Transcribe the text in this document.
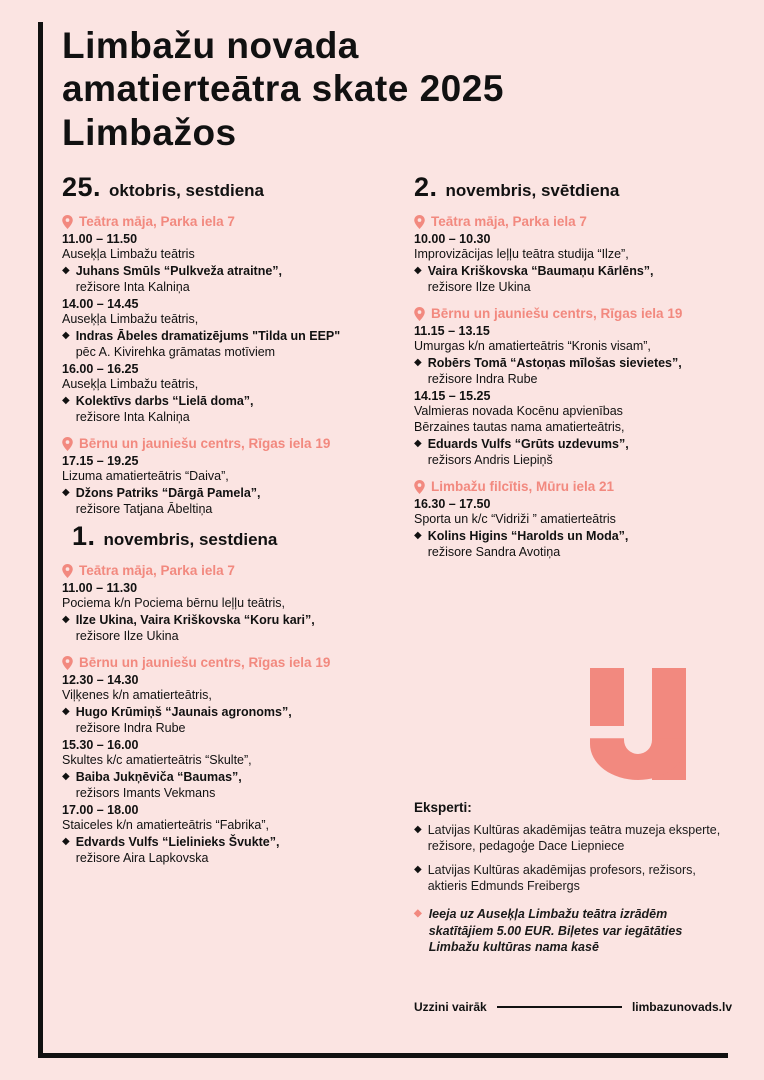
Limbažu novada
amatierteātra skate 2025
Limbažos
25. oktobris, sestdiena
Teātra māja, Parka iela 7
11.00 – 11.50
Auseķļa Limbažu teātris
◆ Juhans Smūls “Pulkveža atraitne”,
režisore Inta Kalniņa
14.00 – 14.45
Auseķļa Limbažu teātris,
◆ Indras Ābeles dramatizējums "Tilda un EEP"
pēc A. Kivirehka grāmatas motīviem
16.00 – 16.25
Auseķļa Limbažu teātris,
◆ Kolektīvs darbs “Lielā doma”,
režisore Inta Kalniņa
Bērnu un jauniešu centrs, Rīgas iela 19
17.15 – 19.25
Lizuma amatierteātris “Daiva”,
◆ Džons Patriks “Dārgā Pamela”,
režisore Tatjana Ābeltiņa
1. novembris, sestdiena
Teātra māja, Parka iela 7
11.00 – 11.30
Pociema k/n Pociema bērnu leļļu teātris,
◆ Ilze Ukina, Vaira Kriškovska “Koru kari”,
režisore Ilze Ukina
Bērnu un jauniešu centrs, Rīgas iela 19
12.30 – 14.30
Viļķenes k/n amatierteātris,
◆ Hugo Krūmiņš “Jaunais agronoms”,
režisore Indra Rube
15.30 – 16.00
Skultes k/c amatierteātris “Skulte”,
◆ Baiba Jukņēviča “Baumas”,
režisors Imants Vekmans
17.00 – 18.00
Staiceles k/n amatierteātris “Fabrika”,
◆ Edvards Vulfs “Lielinieks Švukte”,
režisore Aira Lapkovska
2. novembris, svētdiena
Teātra māja, Parka iela 7
10.00 – 10.30
Improvizācijas leļļu teātra studija “Ilze”,
◆ Vaira Kriškovska “Baumaņu Kārlēns”,
režisore Ilze Ukina
Bērnu un jauniešu centrs, Rīgas iela 19
11.15 – 13.15
Umurgas k/n amatierteātris “Kronis visam”,
◆ Robērs Tomā “Astoņas mīlošas sievietes”,
režisore Indra Rube
14.15 – 15.25
Valmieras novada Kocēnu apvienības
Bērzaines tautas nama amatierteātris,
◆ Eduards Vulfs “Grūts uzdevums”,
režisors Andris Liepiņš
Limbažu filcītis, Mūru iela 21
16.30 – 17.50
Sporta un k/c “Vidriži ” amatierteātris
◆ Kolins Higins “Harolds un Moda”,
režisore Sandra Avotiņa
Eksperti:
◆ Latvijas Kultūras akadēmijas teātra muzeja eksperte, režisore, pedagoģe Dace Liepniece
◆ Latvijas Kultūras akadēmijas profesors, režisors, aktieris Edmunds Freibergs
◆ Ieeja uz Auseķļa Limbažu teātra izrādēm skatītājiem 5.00 EUR. Biļetes var iegātāties Limbažu kultūras nama kasē
Uzzini vairāk	limbazunovads.lv
